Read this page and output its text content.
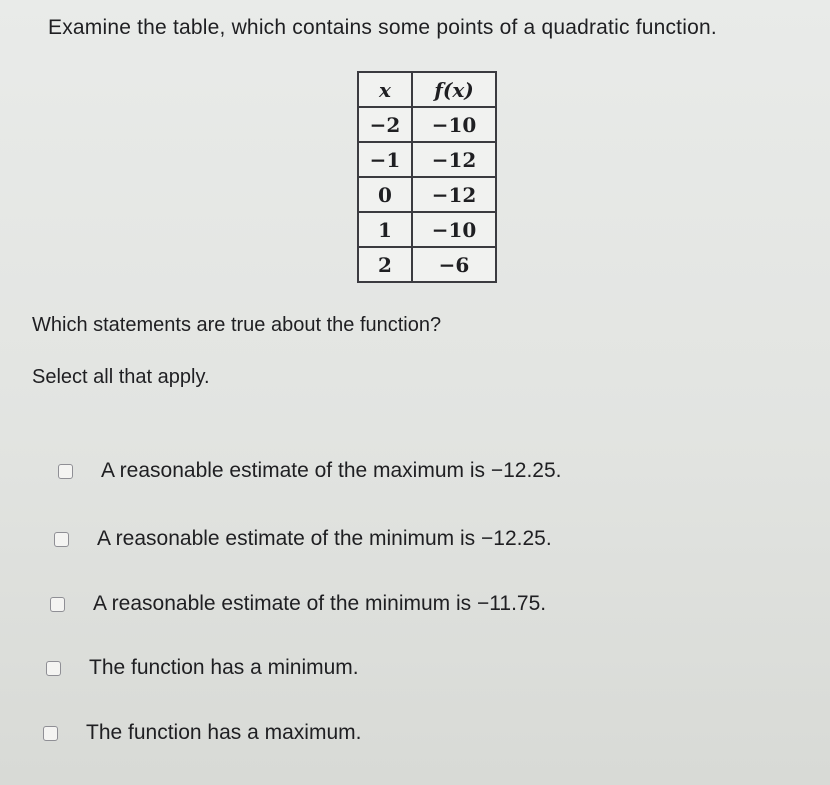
Examine the table, which contains some points of a quadratic function.
x	f(x)
−2	−10
−1	−12
0	−12
1	−10
2	−6
Which statements are true about the function?
Select all that apply.
A reasonable estimate of the maximum is −12.25.
A reasonable estimate of the minimum is −12.25.
A reasonable estimate of the minimum is −11.75.
The function has a minimum.
The function has a maximum.
